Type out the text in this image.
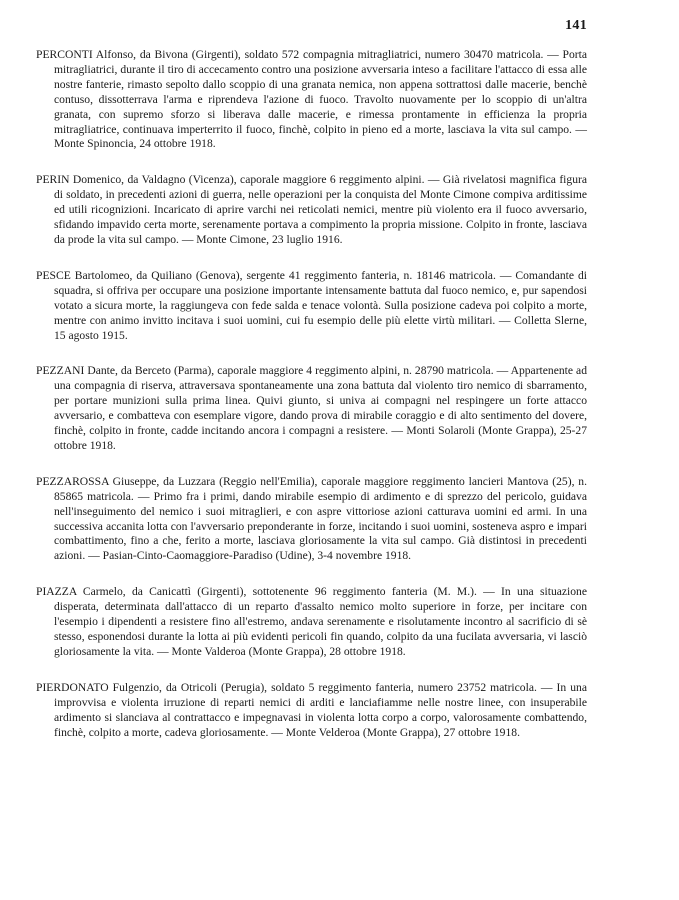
141

PERCONTI Alfonso, da Bivona (Girgenti), soldato 572 compagnia mitragliatrici, numero 30470 matricola. — Porta mitragliatrici, durante il tiro di accecamento contro una posizione avversaria inteso a facilitare l'attacco di essa alle nostre fanterie, rimasto sepolto dallo scoppio di una granata nemica, non appena sottrattosi dalle macerie, benchè contuso, dissotterrava l'arma e riprendeva l'azione di fuoco. Travolto nuovamente per lo scoppio di un'altra granata, con supremo sforzo si liberava dalle macerie, e rimessa prontamente in efficienza la propria mitragliatrice, continuava imperterrito il fuoco, finchè, colpito in pieno ed a morte, lasciava la vita sul campo. — Monte Spinoncia, 24 ottobre 1918.

PERIN Domenico, da Valdagno (Vicenza), caporale maggiore 6 reggimento alpini. — Già rivelatosi magnifica figura di soldato, in precedenti azioni di guerra, nelle operazioni per la conquista del Monte Cimone compiva arditissime ed utili ricognizioni. Incaricato di aprire varchi nei reticolati nemici, mentre più violento era il fuoco avversario, sfidando impavido certa morte, serenamente portava a compimento la propria missione. Colpito in fronte, lasciava da prode la vita sul campo. — Monte Cimone, 23 luglio 1916.

PESCE Bartolomeo, da Quiliano (Genova), sergente 41 reggimento fanteria, n. 18146 matricola. — Comandante di squadra, si offriva per occupare una posizione importante intensamente battuta dal fuoco nemico, e, pur sapendosi votato a sicura morte, la raggiungeva con fede salda e tenace volontà. Sulla posizione cadeva poi colpito a morte, mentre con animo invitto incitava i suoi uomini, cui fu esempio delle più elette virtù militari. — Colletta Slerne, 15 agosto 1915.

PEZZANI Dante, da Berceto (Parma), caporale maggiore 4 reggimento alpini, n. 28790 matricola. — Appartenente ad una compagnia di riserva, attraversava spontaneamente una zona battuta dal violento tiro nemico di sbarramento, per portare munizioni sulla prima linea. Quivi giunto, si univa ai compagni nel respingere un forte attacco avversario, e combatteva con esemplare vigore, dando prova di mirabile coraggio e di alto sentimento del dovere, finchè, colpito in fronte, cadde incitando ancora i compagni a resistere. — Monti Solaroli (Monte Grappa), 25-27 ottobre 1918.

PEZZAROSSA Giuseppe, da Luzzara (Reggio nell'Emilia), caporale maggiore reggimento lancieri Mantova (25), n. 85865 matricola. — Primo fra i primi, dando mirabile esempio di ardimento e di sprezzo del pericolo, guidava nell'inseguimento del nemico i suoi mitraglieri, e con aspre vittoriose azioni catturava uomini ed armi. In una successiva accanita lotta con l'avversario preponderante in forze, incitando i suoi uomini, sosteneva aspro e impari combattimento, fino a che, ferito a morte, lasciava gloriosamente la vita sul campo. Già distintosi in precedenti azioni. — Pasian-Cinto-Caomaggiore-Paradiso (Udine), 3-4 novembre 1918.

PIAZZA Carmelo, da Canicattì (Girgenti), sottotenente 96 reggimento fanteria (M. M.). — In una situazione disperata, determinata dall'attacco di un reparto d'assalto nemico molto superiore in forze, per incitare con l'esempio i dipendenti a resistere fino all'estremo, andava serenamente e risolutamente incontro al sacrificio di sè stesso, esponendosi durante la lotta ai più evidenti pericoli fin quando, colpito da una fucilata avversaria, vi lasciò gloriosamente la vita. — Monte Valderoa (Monte Grappa), 28 ottobre 1918.

PIERDONATO Fulgenzio, da Otricoli (Perugia), soldato 5 reggimento fanteria, numero 23752 matricola. — In una improvvisa e violenta irruzione di reparti nemici di arditi e lanciafiamme nelle nostre linee, con insuperabile ardimento si slanciava al contrattacco e impegnavasi in violenta lotta corpo a corpo, valorosamente combattendo, finchè, colpito a morte, cadeva gloriosamente. — Monte Velderoa (Monte Grappa), 27 ottobre 1918.
